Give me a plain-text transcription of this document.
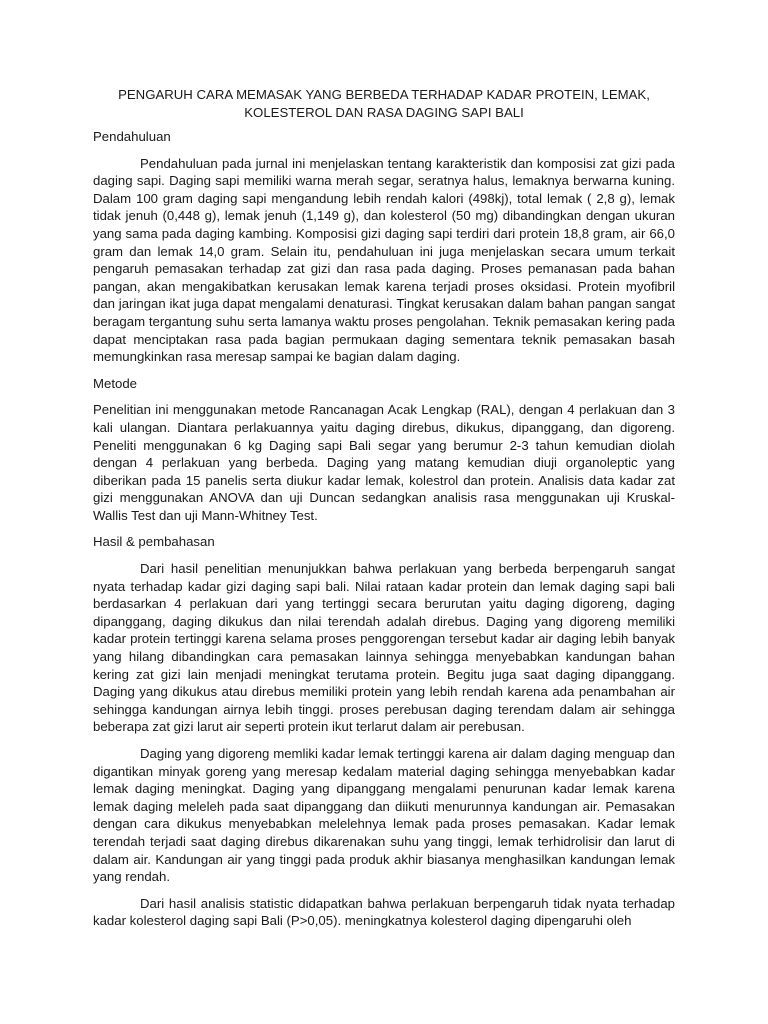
PENGARUH CARA MEMASAK YANG BERBEDA TERHADAP KADAR PROTEIN, LEMAK, KOLESTEROL DAN RASA DAGING SAPI BALI
Pendahuluan

Pendahuluan pada jurnal ini menjelaskan tentang karakteristik dan komposisi zat gizi pada daging sapi. Daging sapi memiliki warna merah segar, seratnya halus, lemaknya berwarna kuning. Dalam 100 gram daging sapi mengandung lebih rendah kalori (498kj), total lemak ( 2,8 g), lemak tidak jenuh (0,448 g), lemak jenuh (1,149 g), dan kolesterol (50 mg) dibandingkan dengan ukuran yang sama pada daging kambing. Komposisi gizi daging sapi terdiri dari protein 18,8 gram, air 66,0 gram dan lemak 14,0 gram. Selain itu, pendahuluan ini juga menjelaskan secara umum terkait pengaruh pemasakan terhadap zat gizi dan rasa pada daging. Proses pemanasan pada bahan pangan, akan mengakibatkan kerusakan lemak karena terjadi proses oksidasi. Protein myofibril dan jaringan ikat juga dapat mengalami denaturasi. Tingkat kerusakan dalam bahan pangan sangat beragam tergantung suhu serta lamanya waktu proses pengolahan. Teknik pemasakan kering pada dapat menciptakan rasa pada bagian permukaan daging sementara teknik pemasakan basah memungkinkan rasa meresap sampai ke bagian dalam daging.

Metode

Penelitian ini menggunakan metode Rancanagan Acak Lengkap (RAL), dengan 4 perlakuan dan 3 kali ulangan. Diantara perlakuannya yaitu daging direbus, dikukus, dipanggang, dan digoreng. Peneliti menggunakan 6 kg Daging sapi Bali segar yang berumur 2-3 tahun kemudian diolah dengan 4 perlakuan yang berbeda. Daging yang matang kemudian diuji organoleptic yang diberikan pada 15 panelis serta diukur kadar lemak, kolestrol dan protein. Analisis data kadar zat gizi menggunakan ANOVA dan uji Duncan sedangkan analisis rasa menggunakan uji Kruskal- Wallis Test dan uji Mann-Whitney Test.

Hasil & pembahasan

Dari hasil penelitian menunjukkan bahwa perlakuan yang berbeda berpengaruh sangat nyata terhadap kadar gizi daging sapi bali. Nilai rataan kadar protein dan lemak daging sapi bali berdasarkan 4 perlakuan dari yang tertinggi secara berurutan yaitu daging digoreng, daging dipanggang, daging dikukus dan nilai terendah adalah direbus. Daging yang digoreng memiliki kadar protein tertinggi karena selama proses penggorengan tersebut kadar air daging lebih banyak yang hilang dibandingkan cara pemasakan lainnya sehingga menyebabkan kandungan bahan kering zat gizi lain menjadi meningkat terutama protein. Begitu juga saat daging dipanggang. Daging yang dikukus atau direbus memiliki protein yang lebih rendah karena ada penambahan air sehingga kandungan airnya lebih tinggi. proses perebusan daging terendam dalam air sehingga beberapa zat gizi larut air seperti protein ikut terlarut dalam air perebusan.

Daging yang digoreng memliki kadar lemak tertinggi karena air dalam daging menguap dan digantikan minyak goreng yang meresap kedalam material daging sehingga menyebabkan kadar lemak daging meningkat. Daging yang dipanggang mengalami penurunan kadar lemak karena lemak daging meleleh pada saat dipanggang dan diikuti menurunnya kandungan air. Pemasakan dengan cara dikukus menyebabkan melelehnya lemak pada proses pemasakan. Kadar lemak terendah terjadi saat daging direbus dikarenakan suhu yang tinggi, lemak terhidrolisir dan larut di dalam air. Kandungan air yang tinggi pada produk akhir biasanya menghasilkan kandungan lemak yang rendah.

Dari hasil analisis statistic didapatkan bahwa perlakuan berpengaruh tidak nyata terhadap kadar kolesterol daging sapi Bali (P>0,05). meningkatnya kolesterol daging dipengaruhi oleh
